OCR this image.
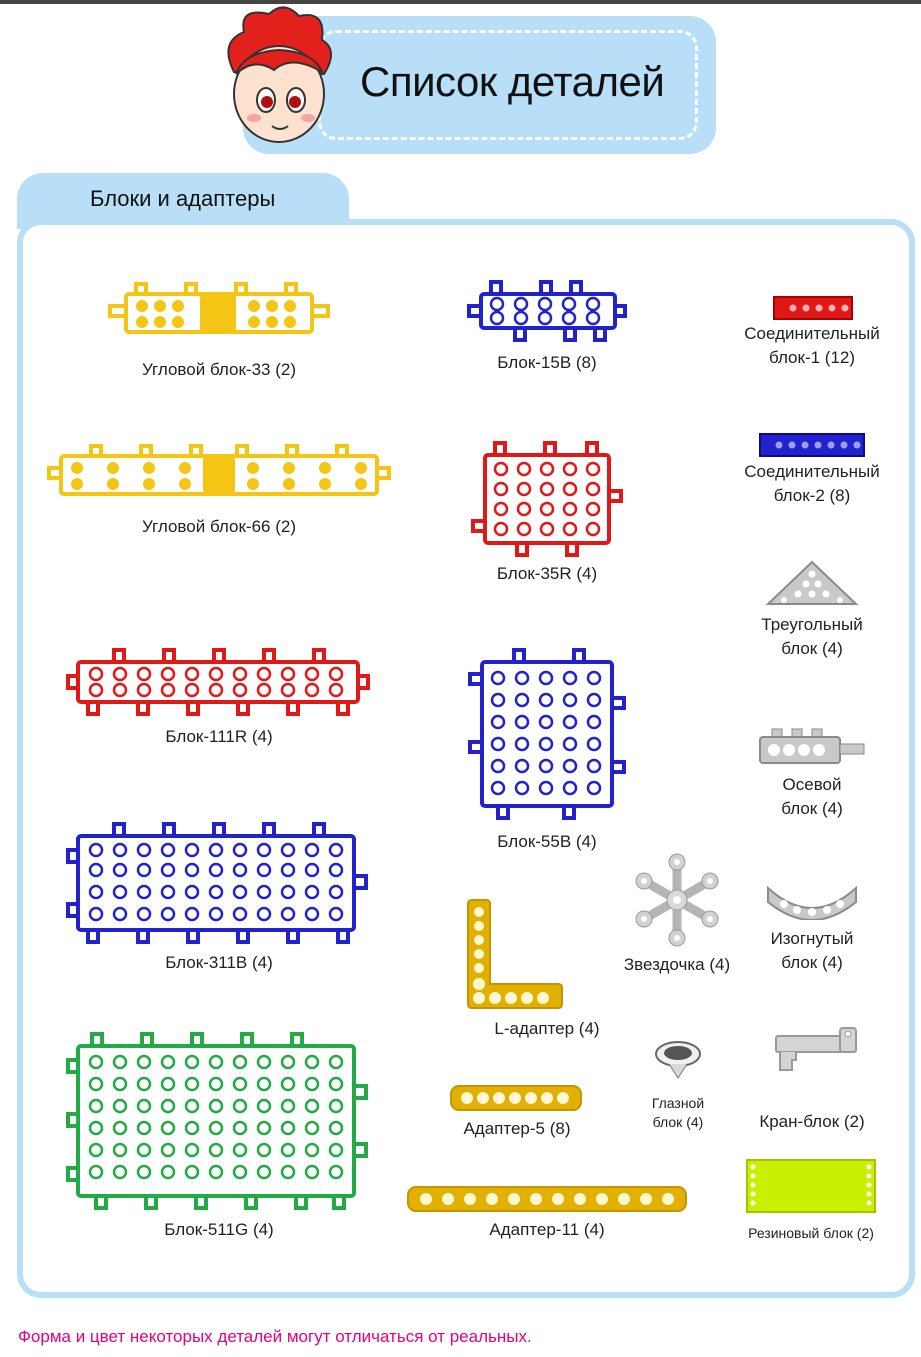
Список деталей
Блоки и адаптеры
Угловой блок-33 (2)
Угловой блок-66 (2)
Блок-111R (4)
Блок-311B (4)
Блок-511G (4)
Блок-15B (8)
Блок-35R (4)
Блок-55B (4)
L-адаптер (4)
Адаптер-5 (8)
Адаптер-11 (4)
Соединительный
блок-1 (12)
Соединительный
блок-2 (8)
Треугольный
блок (4)
Осевой
блок (4)
Звездочка (4)
Изогнутый
блок (4)
Глазной
блок (4)	Кран-блок (2)
Резиновый блок (2)
Форма и цвет некоторых деталей могут отличаться от реальных.
